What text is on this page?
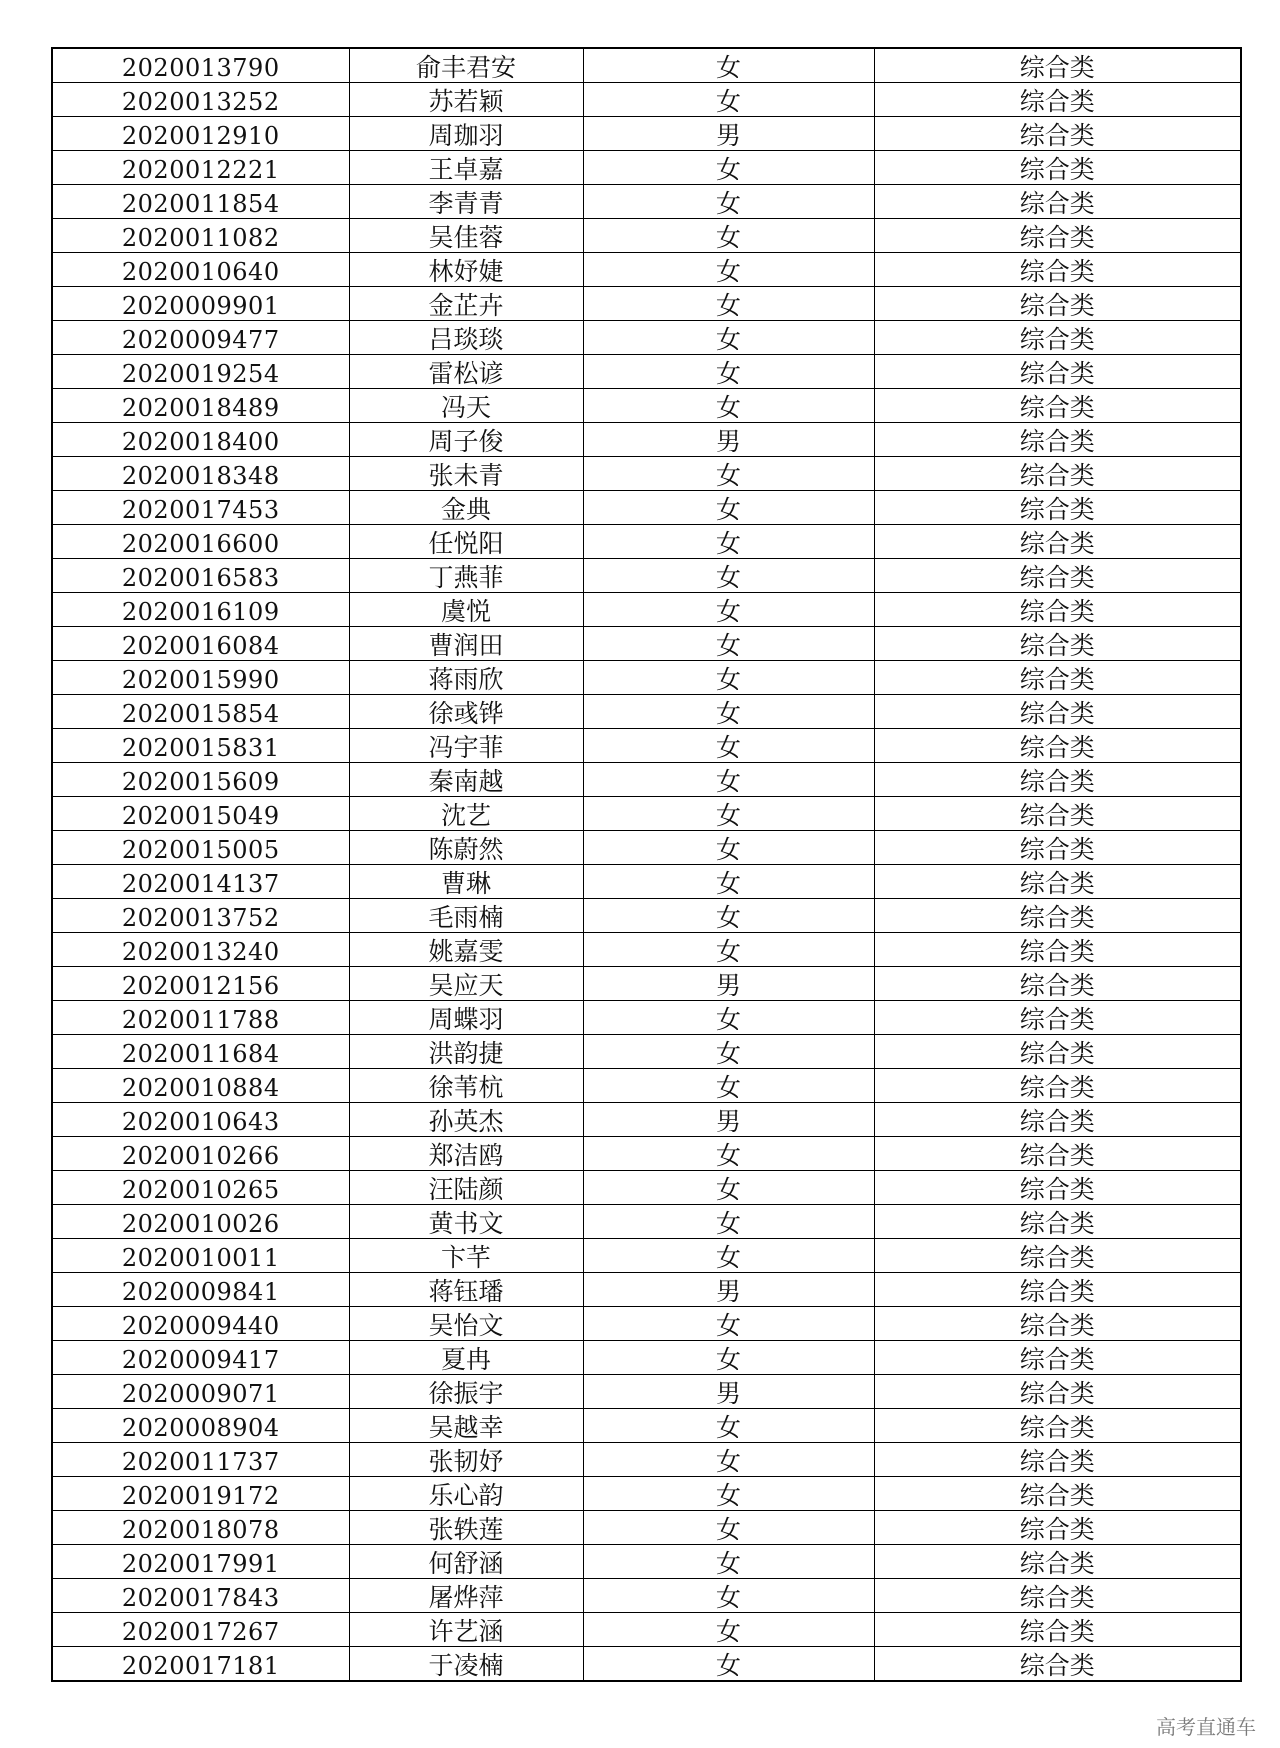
2020013790	俞丰君安	女	综合类
2020013252	苏若颖	女	综合类
2020012910	周珈羽	男	综合类
2020012221	王卓嘉	女	综合类
2020011854	李青青	女	综合类
2020011082	吴佳蓉	女	综合类
2020010640	林妤婕	女	综合类
2020009901	金芷卉	女	综合类
2020009477	吕琰琰	女	综合类
2020019254	雷松谚	女	综合类
2020018489	冯天	女	综合类
2020018400	周子俊	男	综合类
2020018348	张未青	女	综合类
2020017453	金典	女	综合类
2020016600	任悦阳	女	综合类
2020016583	丁燕菲	女	综合类
2020016109	虞悦	女	综合类
2020016084	曹润田	女	综合类
2020015990	蒋雨欣	女	综合类
2020015854	徐彧铧	女	综合类
2020015831	冯宇菲	女	综合类
2020015609	秦南越	女	综合类
2020015049	沈艺	女	综合类
2020015005	陈蔚然	女	综合类
2020014137	曹琳	女	综合类
2020013752	毛雨楠	女	综合类
2020013240	姚嘉雯	女	综合类
2020012156	吴应天	男	综合类
2020011788	周蝶羽	女	综合类
2020011684	洪韵捷	女	综合类
2020010884	徐苇杭	女	综合类
2020010643	孙英杰	男	综合类
2020010266	郑洁鸥	女	综合类
2020010265	汪陆颜	女	综合类
2020010026	黄书文	女	综合类
2020010011	卞芊	女	综合类
2020009841	蒋钰璠	男	综合类
2020009440	吴怡文	女	综合类
2020009417	夏冉	女	综合类
2020009071	徐振宇	男	综合类
2020008904	吴越幸	女	综合类
2020011737	张韧妤	女	综合类
2020019172	乐心韵	女	综合类
2020018078	张轶莲	女	综合类
2020017991	何舒涵	女	综合类
2020017843	屠烨萍	女	综合类
2020017267	许艺涵	女	综合类
2020017181	于凌楠	女	综合类
高考直通车
